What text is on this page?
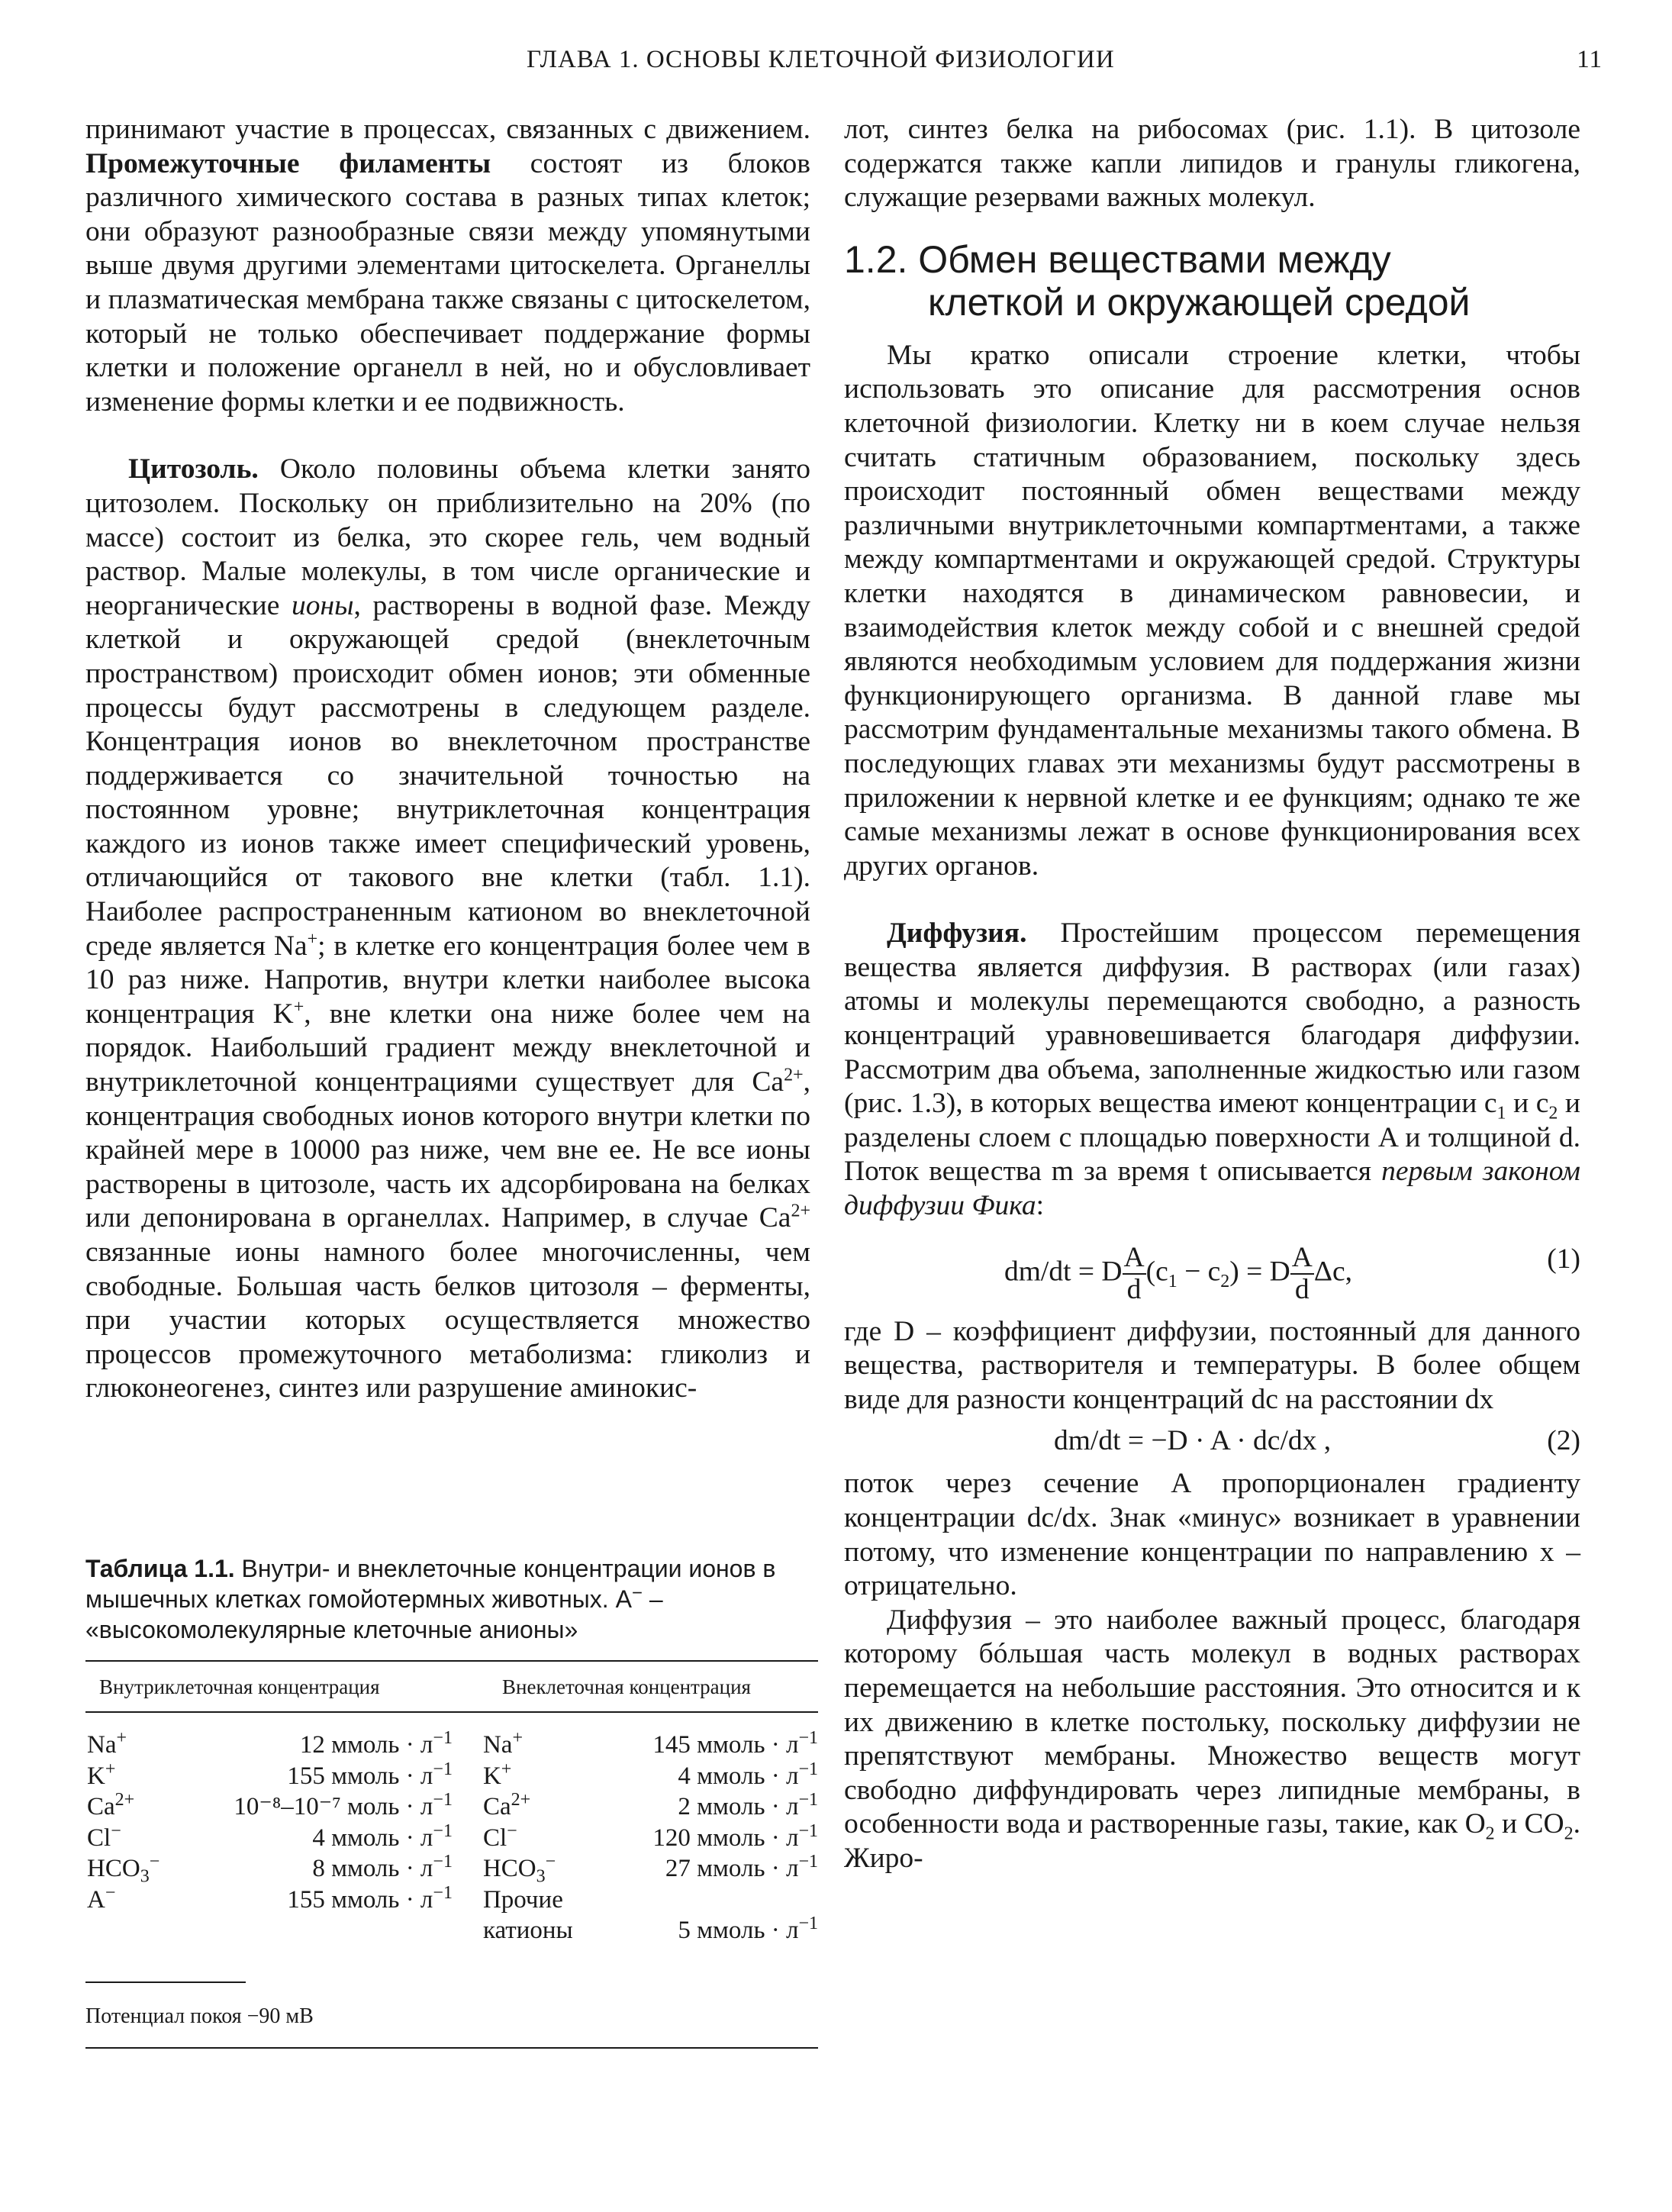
ГЛАВА 1. ОСНОВЫ КЛЕТОЧНОЙ ФИЗИОЛОГИИ	11

принимают участие в процессах, связанных с движением. Промежуточные филаменты состоят из блоков различного химического состава в разных типах клеток; они образуют разнообразные связи между упомянутыми выше двумя другими элементами цитоскелета. Органеллы и плазматическая мембрана также связаны с цитоскелетом, который не только обеспечивает поддержание формы клетки и положение органелл в ней, но и обусловливает изменение формы клетки и ее подвижность.

Цитозоль. Около половины объема клетки занято цитозолем. Поскольку он приблизительно на 20% (по массе) состоит из белка, это скорее гель, чем водный раствор. Малые молекулы, в том числе органические и неорганические ионы, растворены в водной фазе. Между клеткой и окружающей средой (внеклеточным пространством) происходит обмен ионов; эти обменные процессы будут рассмотрены в следующем разделе. Концентрация ионов во внеклеточном пространстве поддерживается со значительной точностью на постоянном уровне; внутриклеточная концентрация каждого из ионов также имеет специфический уровень, отличающийся от такового вне клетки (табл. 1.1). Наиболее распространенным катионом во внеклеточной среде является Na+; в клетке его концентрация более чем в 10 раз ниже. Напротив, внутри клетки наиболее высока концентрация K+, вне клетки она ниже более чем на порядок. Наибольший градиент между внеклеточной и внутриклеточной концентрациями существует для $Ca^{2+}$, концентрация свободных ионов которого внутри клетки по крайней мере в 10000 раз ниже, чем вне ее. Не все ионы растворены в цитозоле, часть их адсорбирована на белках или депонирована в органеллах. Например, в случае $Ca^{2+}$ связанные ионы намного более многочисленны, чем свободные. Большая часть белков цитозоля – ферменты, при участии которых осуществляется множество процессов промежуточного метаболизма: гликолиз и глюконеогенез, синтез или разрушение аминокис-

Таблица 1.1. Внутри- и внеклеточные концентрации ионов в мышечных клетках гомойотермных животных. A− – «высокомолекулярные клеточные анионы»
Внутриклеточная концентрация	Внеклеточная концентрация
Na+	12 ммоль · $л^{-1}$	Na+	145 ммоль · $л^{-1}$
K+	155 ммоль · $л^{-1}$	K+	4 ммоль · $л^{-1}$
$Ca^{2+}$	10⁻⁸–10⁻⁷ моль · $л^{-1}$	$Ca^{2+}$	2 ммоль · $л^{-1}$
Cl−	4 ммоль · $л^{-1}$	Cl−	120 ммоль · $л^{-1}$
$HCO_3^-$	8 ммоль · $л^{-1}$	$HCO_3^-$	27 ммоль · $л^{-1}$
A−	155 ммоль · $л^{-1}$	Прочие
катионы	5 ммоль · $л^{-1}$
Потенциал покоя −90 мВ

лот, синтез белка на рибосомах (рис. 1.1). В цитозоле содержатся также капли липидов и гранулы гликогена, служащие резервами важных молекул.

1.2. Обмен веществами между
клеткой и окружающей средой

Мы кратко описали строение клетки, чтобы использовать это описание для рассмотрения основ клеточной физиологии. Клетку ни в коем случае нельзя считать статичным образованием, поскольку здесь происходит постоянный обмен веществами между различными внутриклеточными компартментами, а также между компартментами и окружающей средой. Структуры клетки находятся в динамическом равновесии, и взаимодействия клеток между собой и с внешней средой являются необходимым условием для поддержания жизни функционирующего организма. В данной главе мы рассмотрим фундаментальные механизмы такого обмена. В последующих главах эти механизмы будут рассмотрены в приложении к нервной клетке и ее функциям; однако те же самые механизмы лежат в основе функционирования всех других органов.

Диффузия. Простейшим процессом перемещения вещества является диффузия. В растворах (или газах) атомы и молекулы перемещаются свободно, а разность концентраций уравновешивается благодаря диффузии. Рассмотрим два объема, заполненные жидкостью или газом (рис. 1.3), в которых вещества имеют концентрации $c_1$ и $c_2$ и разделены слоем с площадью поверхности A и толщиной d. Поток вещества m за время t описывается первым законом диффузии Фика:

dm/dt = D $\frac{A}{d} (c_1 - c_2) = D \frac{A}{d} \Delta c$,	(1)

где D – коэффициент диффузии, постоянный для данного вещества, растворителя и температуры. В более общем виде для разности концентраций dc на расстоянии dx

dm/dt = −D · A · dc/dx ,	(2)

поток через сечение A пропорционален градиенту концентрации dc/dx. Знак «минус» возникает в уравнении потому, что изменение концентрации по направлению x – отрицательно.

Диффузия – это наиболее важный процесс, благодаря которому бóльшая часть молекул в водных растворах перемещается на небольшие расстояния. Это относится и к их движению в клетке постольку, поскольку диффузии не препятствуют мембраны. Множество веществ могут свободно диффундировать через липидные мембраны, в особенности вода и растворенные газы, такие, как $O_2$ и $CO_2$. Жиро-
